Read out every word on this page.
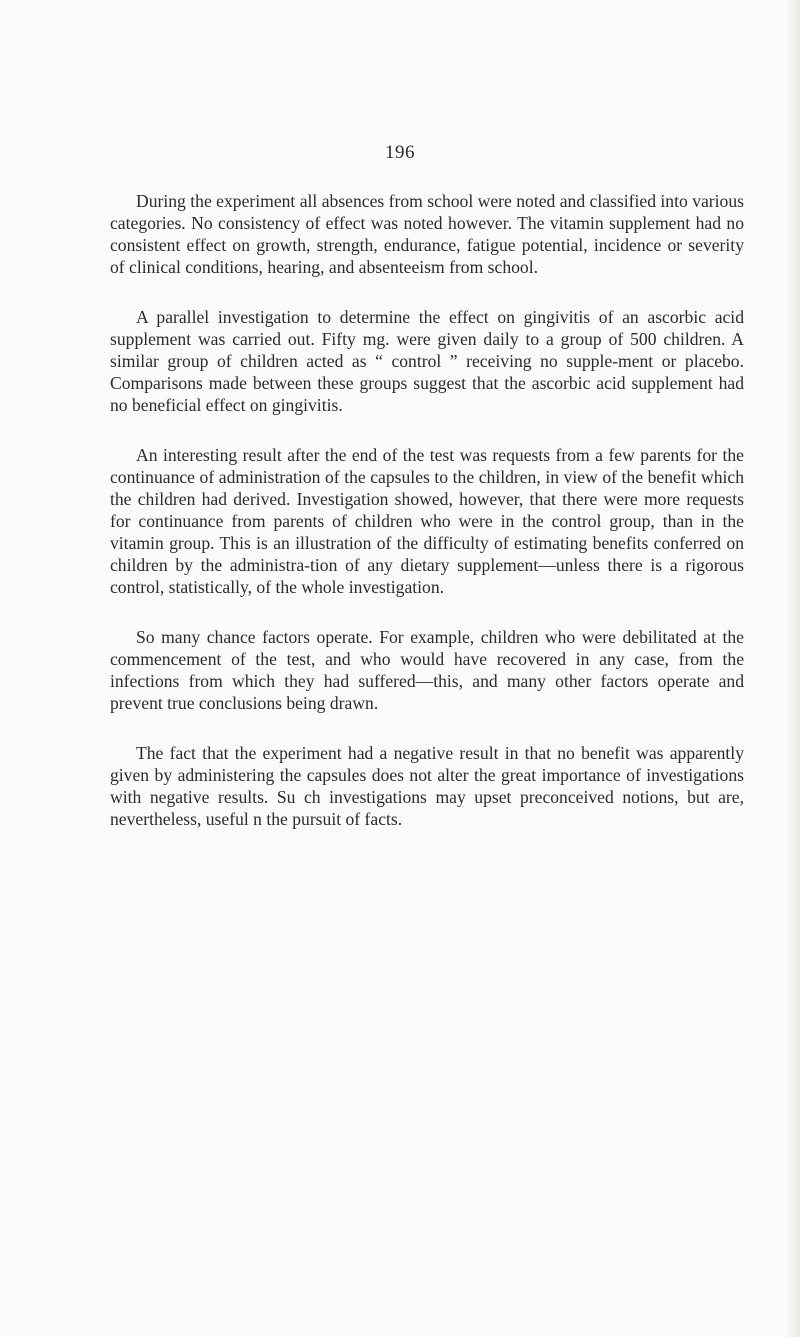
196

During the experiment all absences from school were noted and classified into various categories. No consistency of effect was noted however. The vitamin supplement had no consistent effect on growth, strength, endurance, fatigue potential, incidence or severity of clinical conditions, hearing, and absenteeism from school.

A parallel investigation to determine the effect on gingivitis of an ascorbic acid supplement was carried out. Fifty mg. were given daily to a group of 500 children. A similar group of children acted as “ control ” receiving no supple-ment or placebo. Comparisons made between these groups suggest that the ascorbic acid supplement had no beneficial effect on gingivitis.

An interesting result after the end of the test was requests from a few parents for the continuance of administration of the capsules to the children, in view of the benefit which the children had derived. Investigation showed, however, that there were more requests for continuance from parents of children who were in the control group, than in the vitamin group. This is an illustration of the difficulty of estimating benefits conferred on children by the administra-tion of any dietary supplement—unless there is a rigorous control, statistically, of the whole investigation.

So many chance factors operate. For example, children who were debilitated at the commencement of the test, and who would have recovered in any case, from the infections from which they had suffered—this, and many other factors operate and prevent true conclusions being drawn.

The fact that the experiment had a negative result in that no benefit was apparently given by administering the capsules does not alter the great importance of investigations with negative results. Su ch investigations may upset preconceived notions, but are, nevertheless, useful n the pursuit of facts.
